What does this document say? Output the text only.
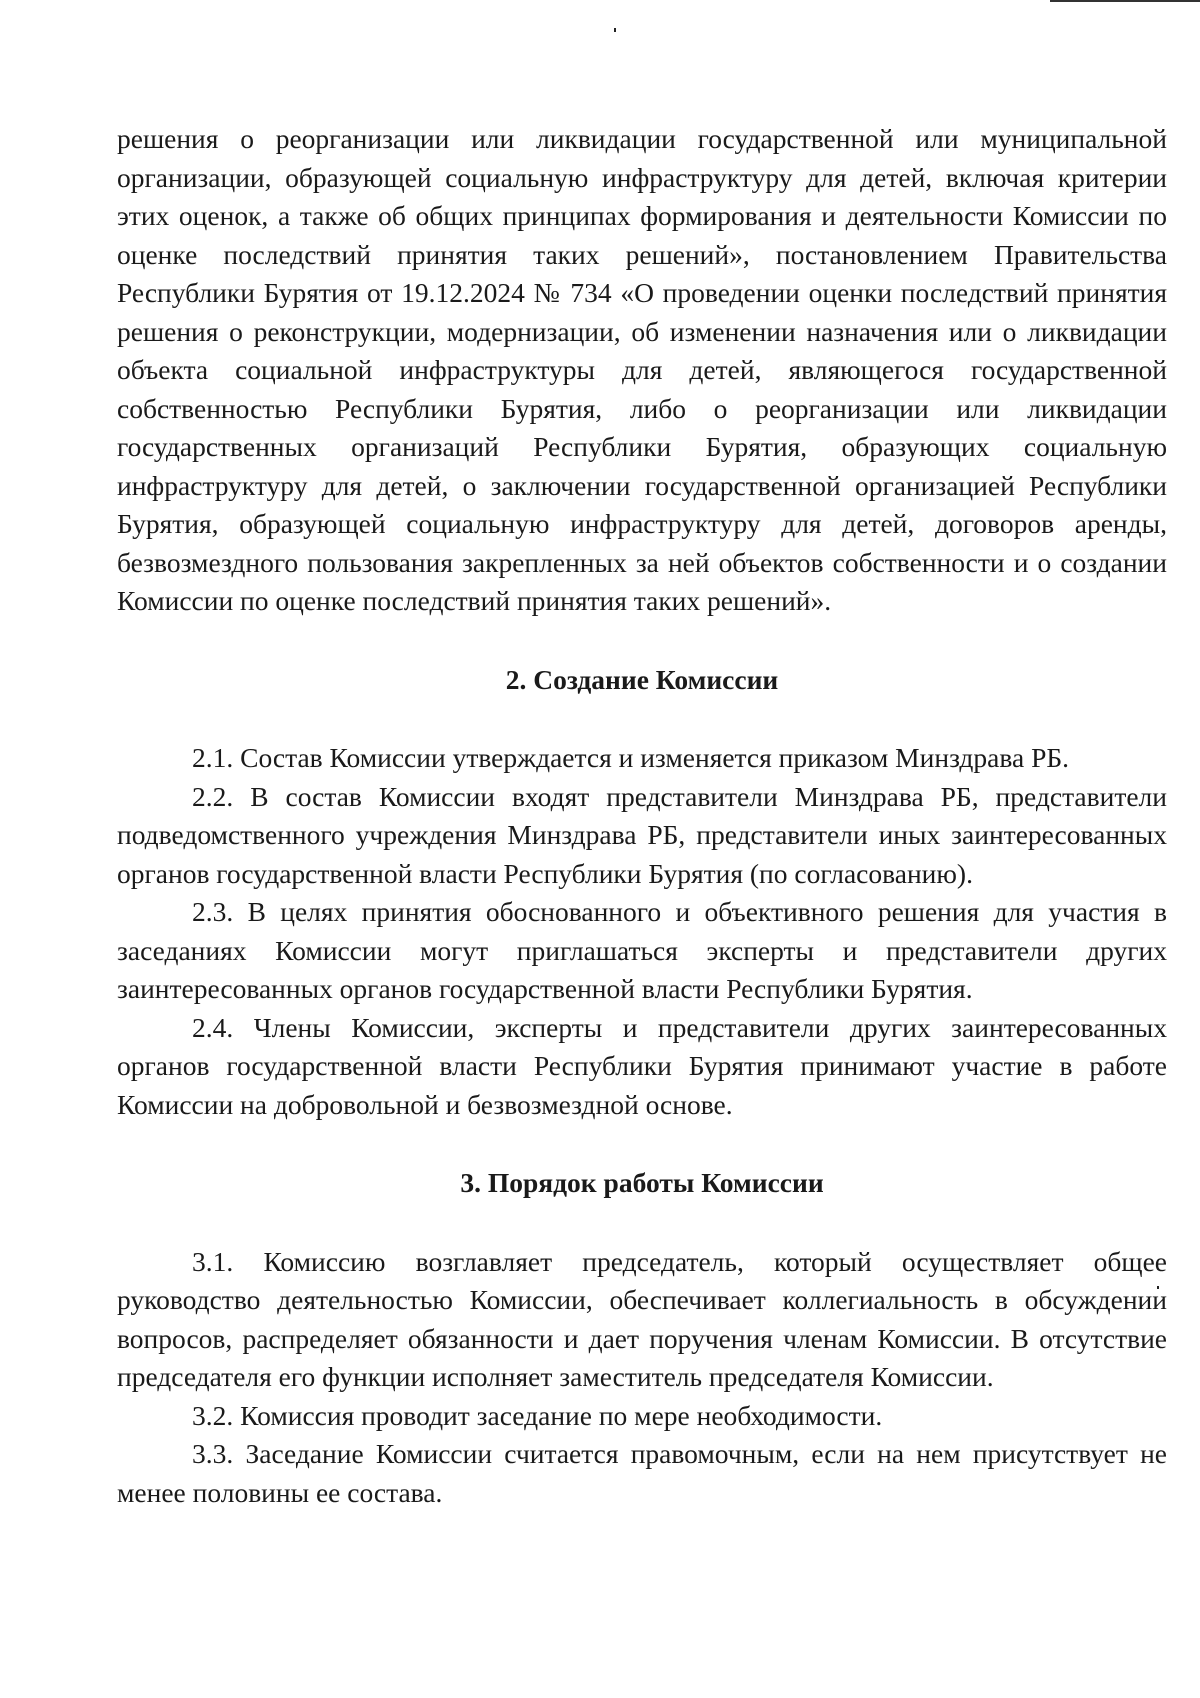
решения о реорганизации или ликвидации государственной или муниципальной организации, образующей социальную инфраструктуру для детей, включая критерии этих оценок, а также об общих принципах формирования и деятельности Комиссии по оценке последствий принятия таких решений», постановлением Правительства Республики Бурятия от 19.12.2024 № 734 «О проведении оценки последствий принятия решения о реконструкции, модернизации, об изменении назначения или о ликвидации объекта социальной инфраструктуры для детей, являющегося государственной собственностью Республики Бурятия, либо о реорганизации или ликвидации государственных организаций Республики Бурятия, образующих социальную инфраструктуру для детей, о заключении государственной организацией Республики Бурятия, образующей социальную инфраструктуру для детей, договоров аренды, безвозмездного пользования закрепленных за ней объектов собственности и о создании Комиссии по оценке последствий принятия таких решений».

2. Создание Комиссии

2.1. Состав Комиссии утверждается и изменяется приказом Минздрава РБ.

2.2. В состав Комиссии входят представители Минздрава РБ, представители подведомственного учреждения Минздрава РБ, представители иных заинтересованных органов государственной власти Республики Бурятия (по согласованию).

2.3. В целях принятия обоснованного и объективного решения для участия в заседаниях Комиссии могут приглашаться эксперты и представители других заинтересованных органов государственной власти Республики Бурятия.

2.4. Члены Комиссии, эксперты и представители других заинтересованных органов государственной власти Республики Бурятия принимают участие в работе Комиссии на добровольной и безвозмездной основе.

3. Порядок работы Комиссии

3.1. Комиссию возглавляет председатель, который осуществляет общее руководство деятельностью Комиссии, обеспечивает коллегиальность в обсуждении вопросов, распределяет обязанности и дает поручения членам Комиссии. В отсутствие председателя его функции исполняет заместитель председателя Комиссии.

3.2. Комиссия проводит заседание по мере необходимости.

3.3. Заседание Комиссии считается правомочным, если на нем присутствует не менее половины ее состава.
